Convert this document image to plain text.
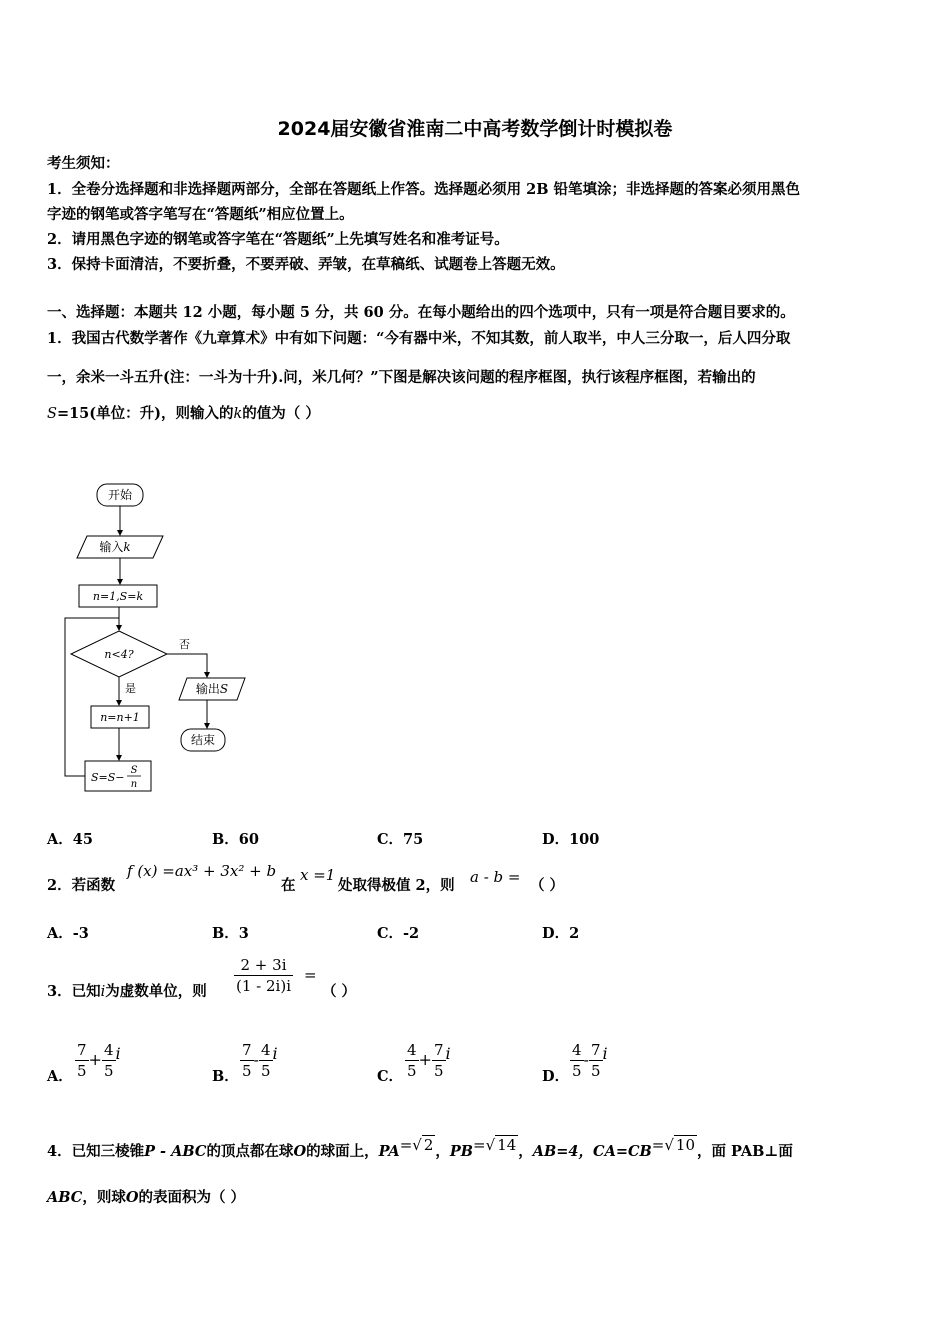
2024届安徽省淮南二中高考数学倒计时模拟卷
考生须知：
1．全卷分选择题和非选择题两部分，全部在答题纸上作答。选择题必须用 2B 铅笔填涂；非选择题的答案必须用黑色
字迹的钢笔或答字笔写在“答题纸”相应位置上。
2．请用黑色字迹的钢笔或答字笔在“答题纸”上先填写姓名和准考证号。
3．保持卡面清洁，不要折叠，不要弄破、弄皱，在草稿纸、试题卷上答题无效。
一、选择题：本题共 12 小题，每小题 5 分，共 60 分。在每小题给出的四个选项中，只有一项是符合题目要求的。
1．我国古代数学著作《九章算术》中有如下问题：“今有器中米，不知其数，前人取半，中人三分取一，后人四分取
一，余米一斗五升(注：一斗为十升).问，米几何？”下图是解决该问题的程序框图，执行该程序框图，若输出的
S=15(单位：升)，则输入的k的值为（ ）
开始
输入k
n=1,S=k
n<4?
否
是	输出S
结束
n=n+1
S=S−
S
n
A．45	B．60	C．75	D．100
2．若函数
f (x) =ax³ + 3x² + b
在
x =1
处取得极值 2，则 a - b = （ ）
A．-3	B．3	C．-2	D．2
3．已知i为虚数单位，则 $\frac{2 + 3i}{(1 - 2i)i}$ =
（ ）
A． $\frac{7}{5} + \frac{4}{5}$ i
B． $\frac{7}{5} - \frac{4}{5}$ i
C． $\frac{4}{5} + \frac{7}{5}$ i
D． $\frac{4}{5} - \frac{7}{5}$ i
4．已知三棱锥P - ABC的顶点都在球O的球面上，PA=√ 2 ，PB=√ 14 ，AB=4，CA=CB=√ 10 ，面 PAB⊥面
ABC，则球O的表面积为（ ）
